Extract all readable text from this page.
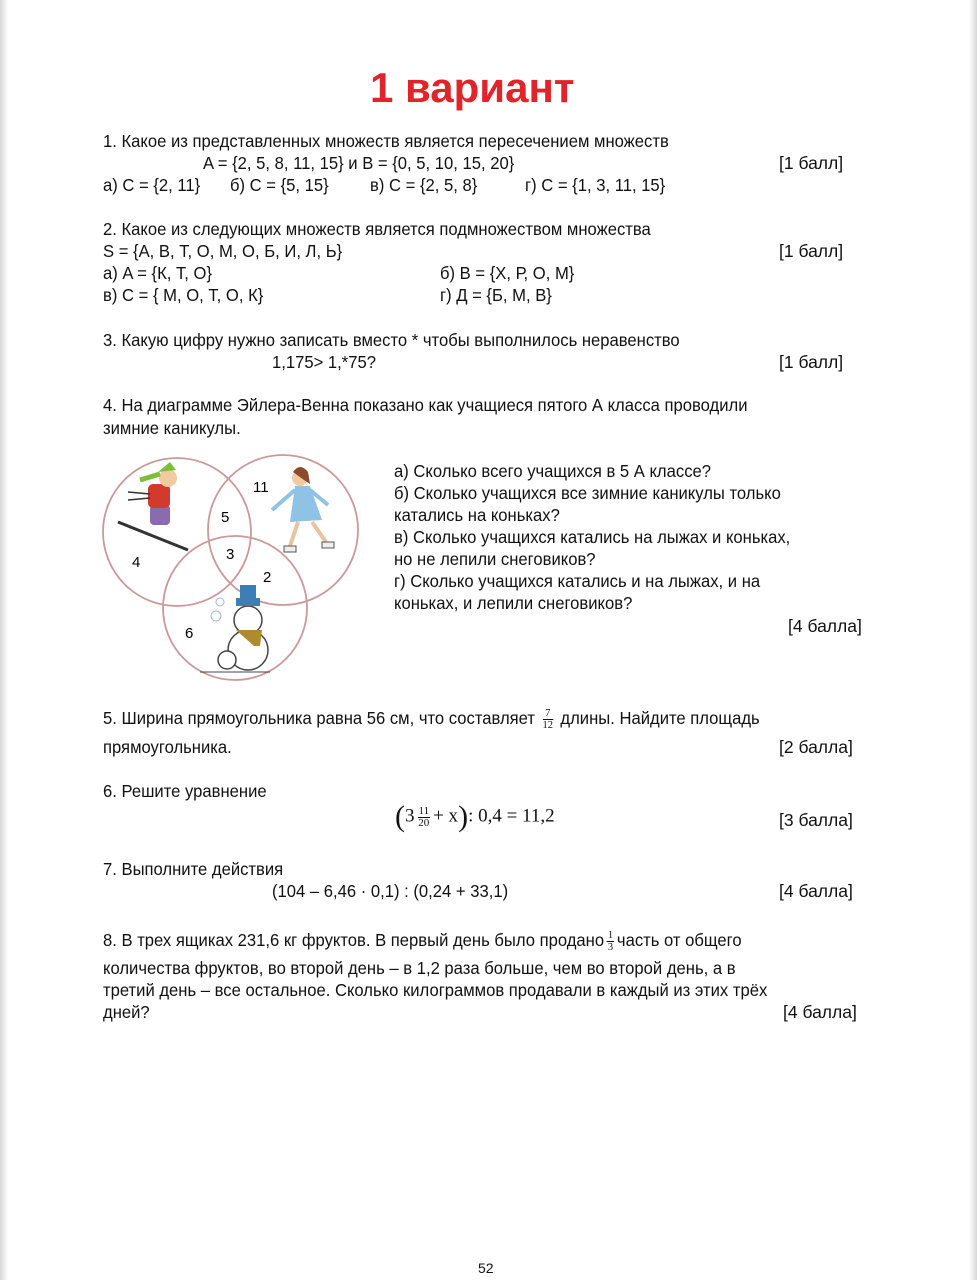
1 вариант
1. Какое из представленных множеств является пересечением множеств
A = {2, 5, 8, 11, 15} и B = {0, 5, 10, 15, 20}	[1 балл]
а) C = {2, 11} б) C = {5, 15} в) C = {2, 5, 8}	г) C = {1, 3, 11, 15}
2. Какое из следующих множеств является подмножеством множества
S = {А, В, Т, О, М, О, Б, И, Л, Ь}	[1 балл]
а) A = {К, Т, О}	б) B = {Х, Р, О, М}
в) C = { М, О, Т, О, К}	г) Д = {Б, М, В}
3. Какую цифру нужно записать вместо * чтобы выполнилось неравенство
1,175> 1,*75?	[1 балл]
4. На диаграмме Эйлера-Венна показано как учащиеся пятого А класса проводили
зимние каникулы.
11
5
3
4
2
6
а) Сколько всего учащихся в 5 А классе?
б) Сколько учащихся все зимние каникулы только
катались на коньках?
в) Сколько учащихся катались на лыжах и коньках,
но не лепили снеговиков?
г) Сколько учащихся катались и на лыжах, и на
коньках, и лепили снеговиков?
[4 балла]
5. Ширина прямоугольника равна 56 см, что составляет $\frac{7}{12}$ длины. Найдите площадь
прямоугольника.	[2 балла]
6. Решите уравнение
$(3 \frac{11}{20} + x)$: 0,4 = 11,2	[3 балла]
7. Выполните действия
(104 – 6,46 · 0,1) : (0,24 + 33,1)	[4 балла]
8. В трех ящиках 231,6 кг фруктов. В первый день было продано $\frac{1}{3}$ часть от общего
количества фруктов, во второй день – в 1,2 раза больше, чем во второй день, а в
третий день – все остальное. Сколько килограммов продавали в каждый из этих трёх
дней?	[4 балла]
52
